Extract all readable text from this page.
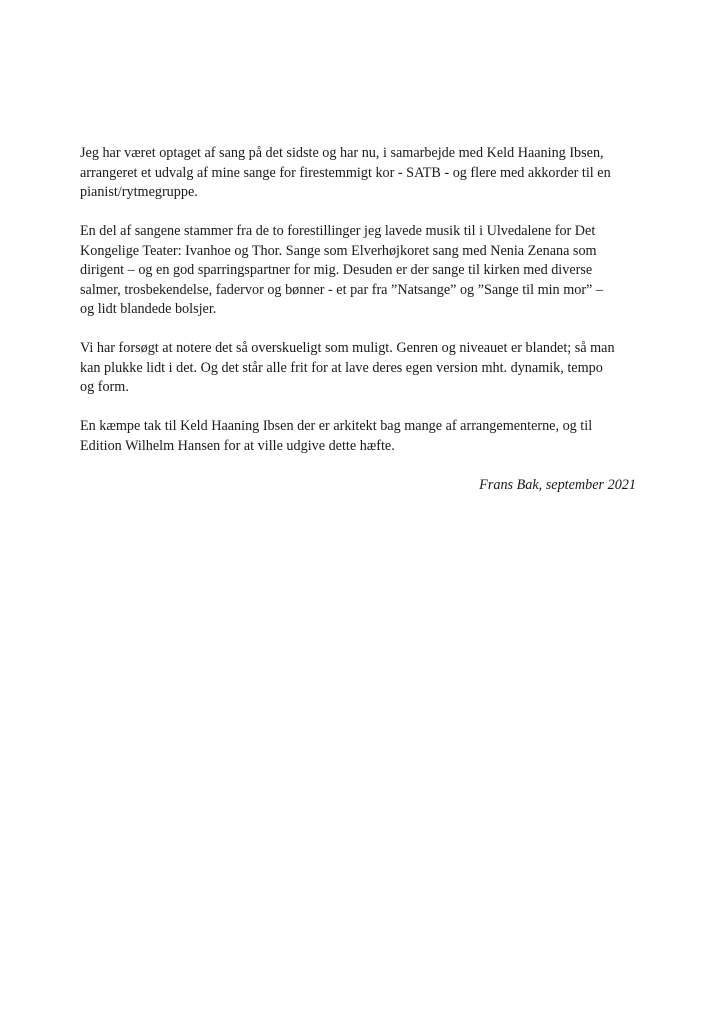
Jeg har været optaget af sang på det sidste og har nu, i samarbejde med Keld Haaning Ibsen,
arrangeret et udvalg af mine sange for firestemmigt kor - SATB - og flere med akkorder til en
pianist/rytmegruppe.

En del af sangene stammer fra de to forestillinger jeg lavede musik til i Ulvedalene for Det
Kongelige Teater: Ivanhoe og Thor. Sange som Elverhøjkoret sang med Nenia Zenana som
dirigent – og en god sparringspartner for mig. Desuden er der sange til kirken med diverse
salmer, trosbekendelse, fadervor og bønner - et par fra ”Natsange” og ”Sange til min mor” –
og lidt blandede bolsjer.

Vi har forsøgt at notere det så overskueligt som muligt. Genren og niveauet er blandet; så man
kan plukke lidt i det. Og det står alle frit for at lave deres egen version mht. dynamik, tempo
og form.

En kæmpe tak til Keld Haaning Ibsen der er arkitekt bag mange af arrangementerne, og til
Edition Wilhelm Hansen for at ville udgive dette hæfte.

Frans Bak, september 2021
